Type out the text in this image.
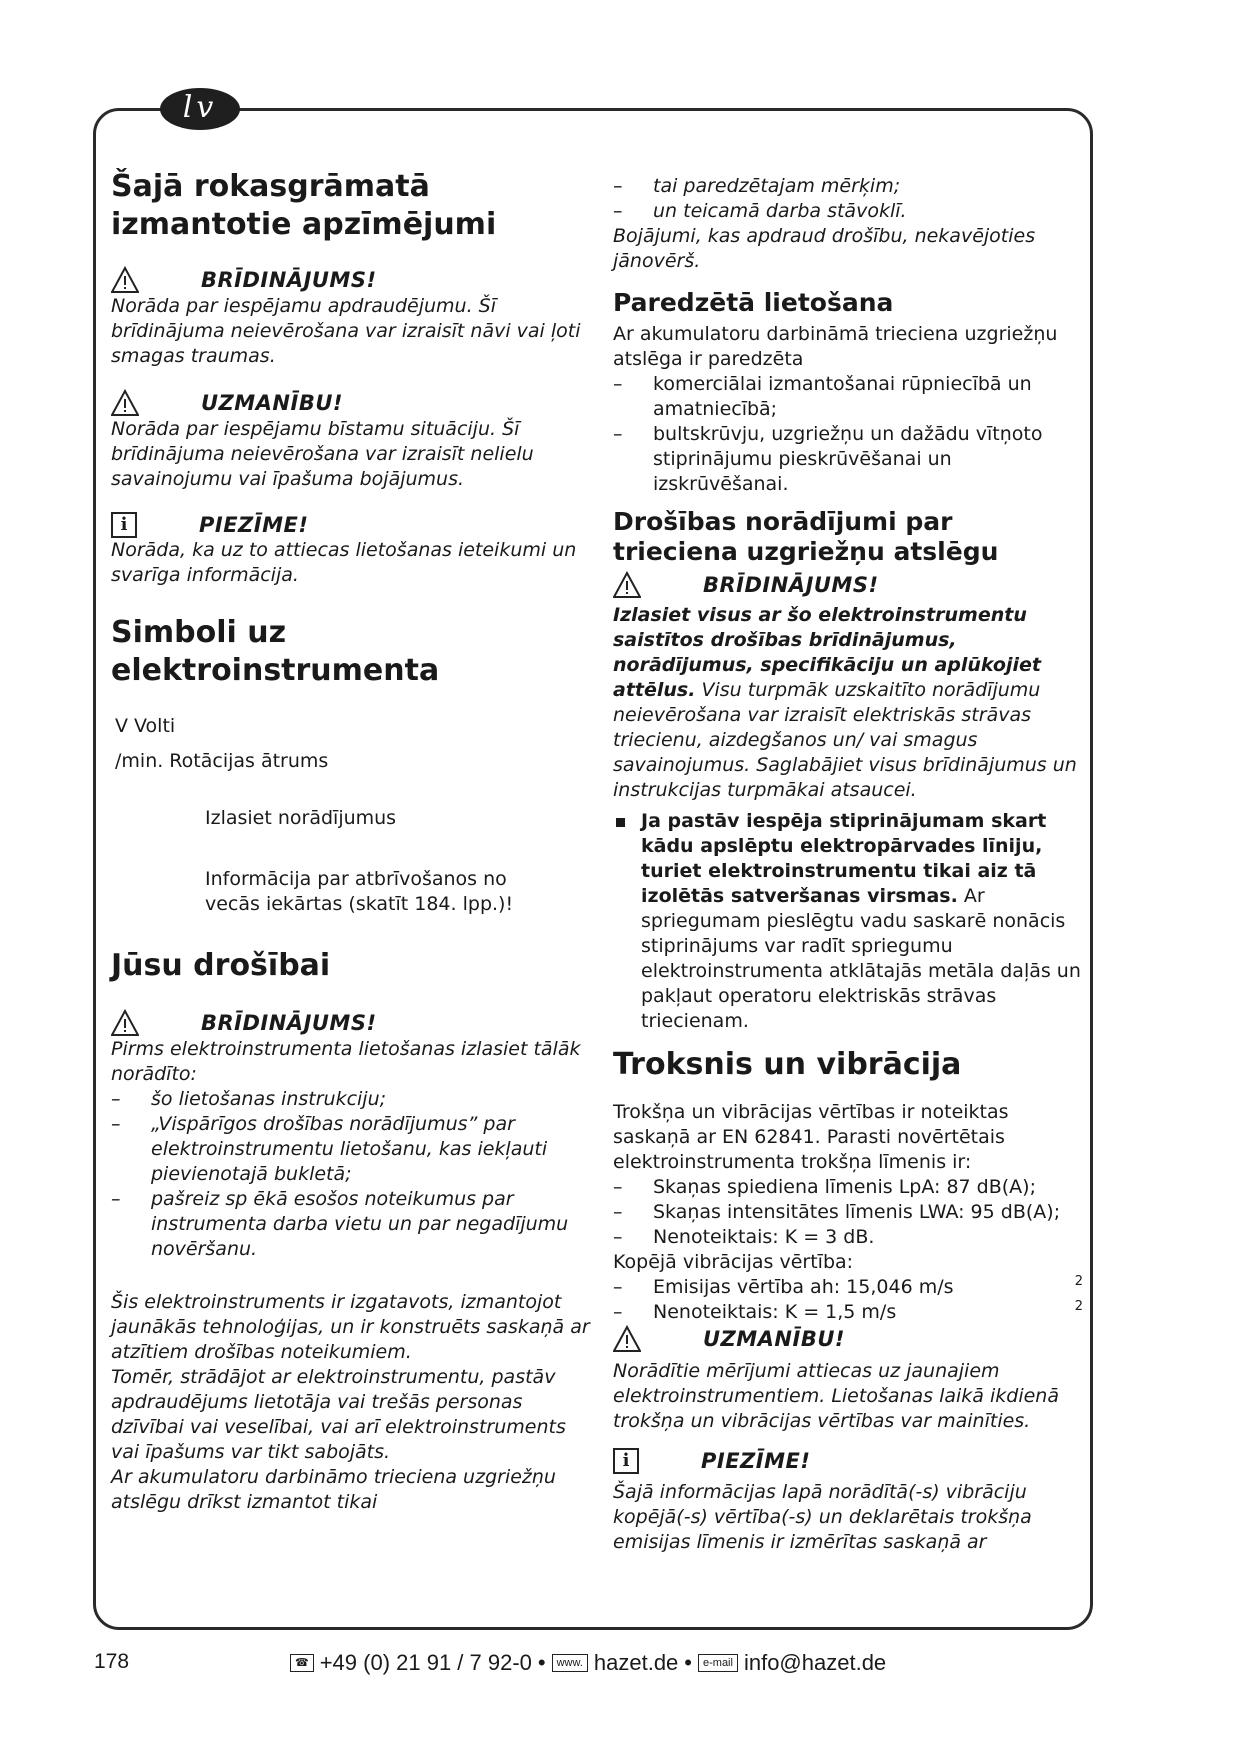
lv
Šajā rokasgrāmatā izmantotie apzīmējumi
BRĪDINĀJUMS!

Norāda par iespējamu apdraudējumu. Šī brīdinājuma neievērošana var izraisīt nāvi vai ļoti smagas traumas.

UZMANĪBU!

Norāda par iespējamu bīstamu situāciju. Šī brīdinājuma neievērošana var izraisīt nelielu savainojumu vai īpašuma bojājumus.

i	PIEZĪME!

Norāda, ka uz to attiecas lietošanas ieteikumi un svarīga informācija.

Simboli uz elektroinstrumenta

V Volti

/min. Rotācijas ātrums

Izlasiet norādījumus

Informācija par atbrīvošanos no vecās iekārtas (skatīt 184. lpp.)!

Jūsu drošībai
BRĪDINĀJUMS!

Pirms elektroinstrumenta lietošanas izlasiet tālāk norādīto:

– šo lietošanas instrukciju;
– „Vispārīgos drošības norādījumus” par elektroinstrumentu lietošanu, kas iekļauti pievienotajā bukletā;
– pašreiz sp ēkā esošos noteikumus par instrumenta darba vietu un par negadījumu novēršanu.

Šis elektroinstruments ir izgatavots, izmantojot jaunākās tehnoloģijas, un ir konstruēts saskaņā ar atzītiem drošības noteikumiem.

Tomēr, strādājot ar elektroinstrumentu, pastāv apdraudējums lietotāja vai trešās personas dzīvībai vai veselībai, vai arī elektroinstruments vai īpašums var tikt sabojāts.

Ar akumulatoru darbināmo trieciena uzgriežņu atslēgu drīkst izmantot tikai

– tai paredzētajam mērķim;
– un teicamā darba stāvoklī.

Bojājumi, kas apdraud drošību, nekavējoties jānovērš.

Paredzētā lietošana

Ar akumulatoru darbināmā trieciena uzgriežņu atslēga ir paredzēta

– komerciālai izmantošanai rūpniecībā un amatniecībā;
– bultskrūvju, uzgriežņu un dažādu vītņoto stiprinājumu pieskrūvēšanai un izskrūvēšanai.
Drošības norādījumi par trieciena uzgriežņu atslēgu
BRĪDINĀJUMS!

Izlasiet visus ar šo elektroinstrumentu saistītos drošības brīdinājumus, norādījumus, specifikāciju un aplūkojiet attēlus. Visu turpmāk uzskaitīto norādījumu neievērošana var izraisīt elektriskās strāvas triecienu, aizdegšanos un/ vai smagus savainojumus. Saglabājiet visus brīdinājumus un instrukcijas turpmākai atsaucei.

Ja pastāv iespēja stiprinājumam skart kādu apslēptu elektropārvades līniju, turiet elektroinstrumentu tikai aiz tā izolētās satveršanas virsmas. Ar spriegumam pieslēgtu vadu saskarē nonācis stiprinājums var radīt spriegumu elektroinstrumenta atklātajās metāla daļās un pakļaut operatoru elektriskās strāvas triecienam.
Troksnis un vibrācija

Trokšņa un vibrācijas vērtības ir noteiktas saskaņā ar EN 62841. Parasti novērtētais elektroinstrumenta trokšņa līmenis ir:

– Skaņas spiediena līmenis LpA: 87 dB(A);
– Skaņas intensitātes līmenis LWA: 95 dB(A);
– Nenoteiktais: K = 3 dB.

Kopējā vibrācijas vērtība:

– Emisijas vērtība ah: 15,046 m/s	2
– Nenoteiktais: K = 1,5 m/s	2
UZMANĪBU!

Norādītie mērījumi attiecas uz jaunajiem elektroinstrumentiem. Lietošanas laikā ikdienā trokšņa un vibrācijas vērtības var mainīties.

i	PIEZĪME!

Šajā informācijas lapā norādītā(-s) vibrāciju kopējā(-s) vērtība(-s) un deklarētais trokšņa emisijas līmenis ir izmērītas saskaņā ar

178	☎ +49 (0) 21 91 / 7 92-0 •	www. hazet.de •	e-mail info@hazet.de
